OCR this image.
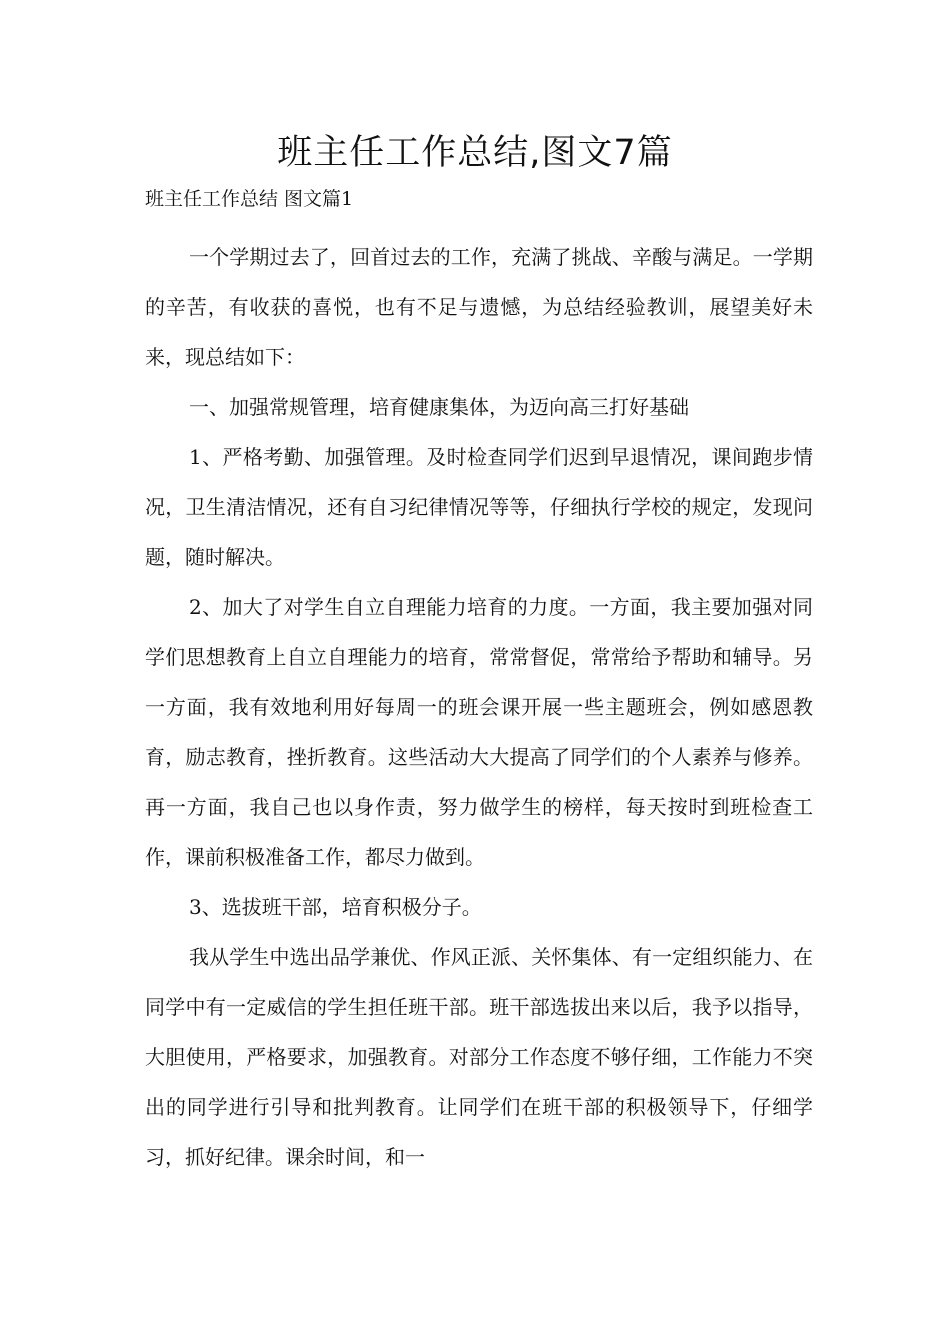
班主任工作总结,图文7篇

班主任工作总结 图文篇1

一个学期过去了，回首过去的工作，充满了挑战、辛酸与满足。一学期的辛苦，有收获的喜悦，也有不足与遗憾，为总结经验教训，展望美好未来，现总结如下：

一、加强常规管理，培育健康集体，为迈向高三打好基础

1、严格考勤、加强管理。及时检查同学们迟到早退情况，课间跑步情况，卫生清洁情况，还有自习纪律情况等等，仔细执行学校的规定，发现问题，随时解决。

2、加大了对学生自立自理能力培育的力度。一方面，我主要加强对同学们思想教育上自立自理能力的培育，常常督促，常常给予帮助和辅导。另一方面，我有效地利用好每周一的班会课开展一些主题班会，例如感恩教育，励志教育，挫折教育。这些活动大大提高了同学们的个人素养与修养。再一方面，我自己也以身作责，努力做学生的榜样，每天按时到班检查工作，课前积极准备工作，都尽力做到。

3、选拔班干部，培育积极分子。

我从学生中选出品学兼优、作风正派、关怀集体、有一定组织能力、在同学中有一定威信的学生担任班干部。班干部选拔出来以后，我予以指导，大胆使用，严格要求，加强教育。对部分工作态度不够仔细，工作能力不突出的同学进行引导和批判教育。让同学们在班干部的积极领导下，仔细学习，抓好纪律。课余时间，和一
